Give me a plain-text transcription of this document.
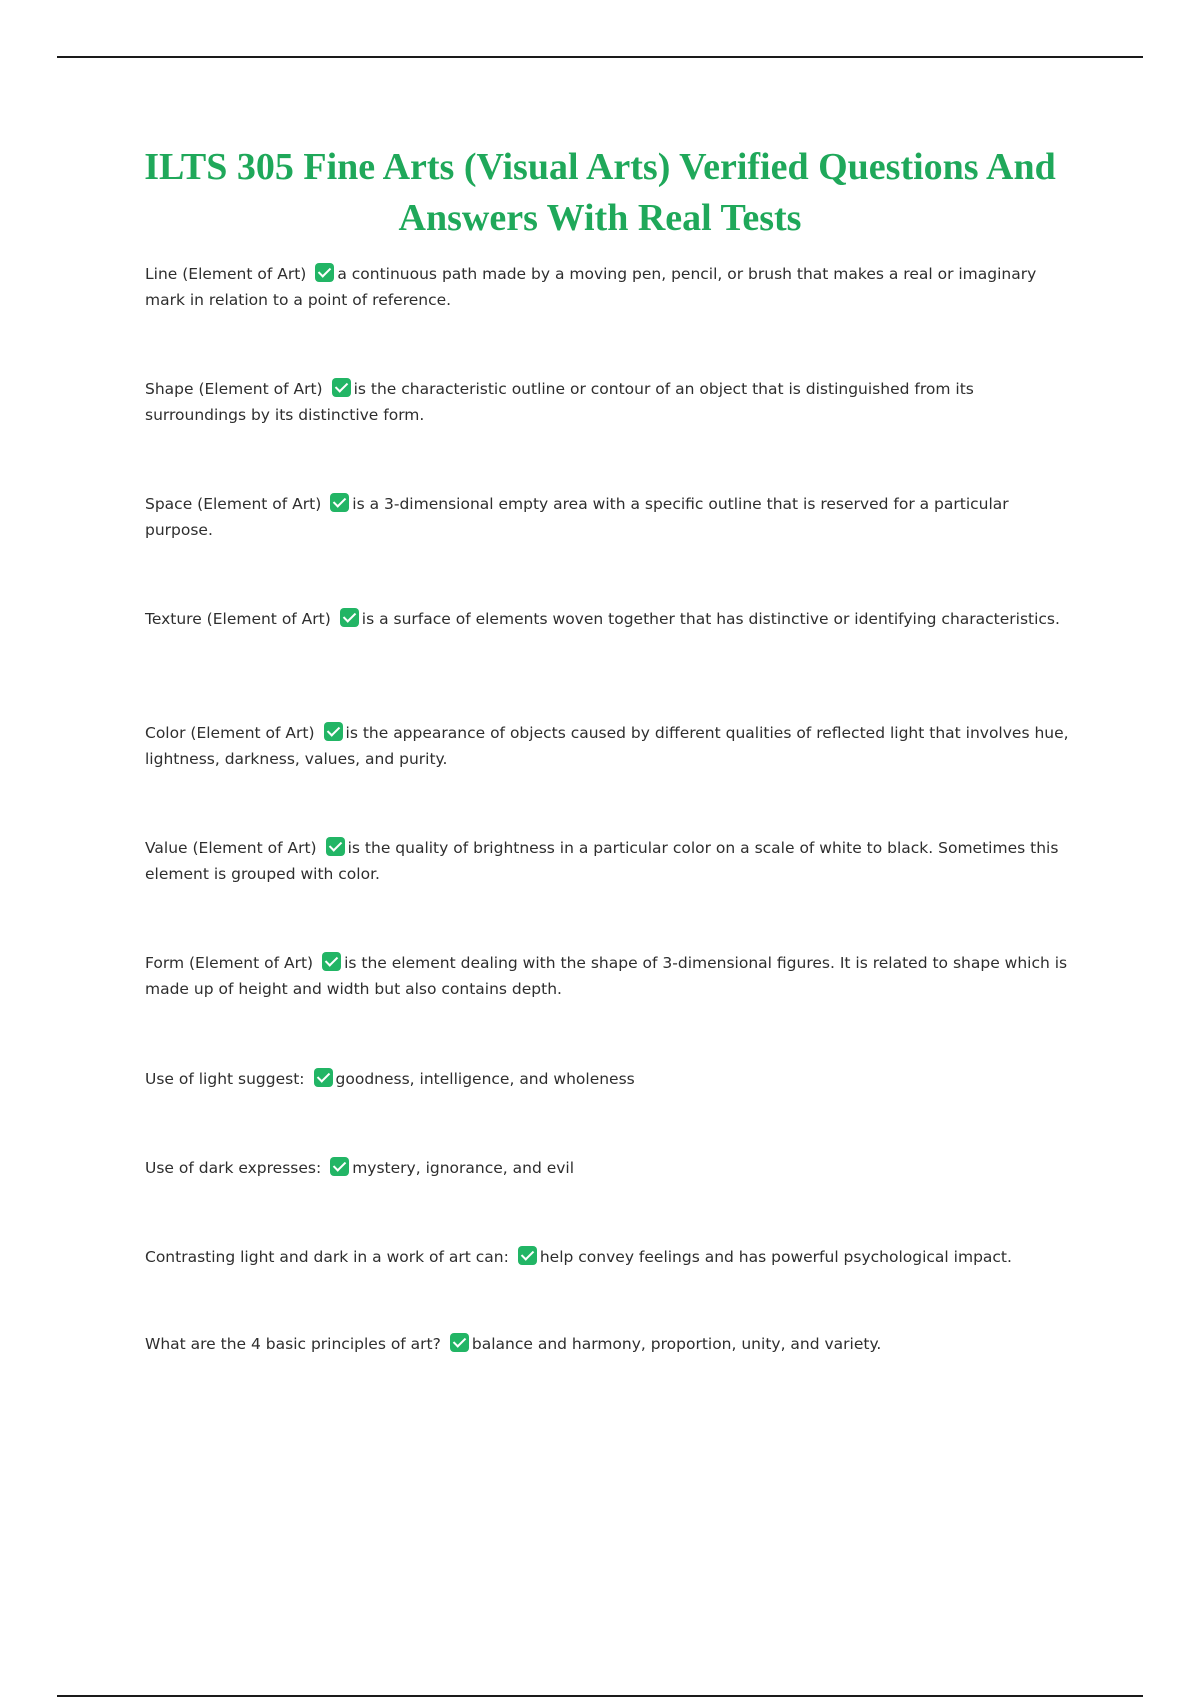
ILTS 305 Fine Arts (Visual Arts) Verified Questions And Answers With Real Tests

Line (Element of Art) a continuous path made by a moving pen, pencil, or brush that makes a real or imaginary mark in relation to a point of reference.

Shape (Element of Art) is the characteristic outline or contour of an object that is distinguished from its surroundings by its distinctive form.

Space (Element of Art) is a 3-dimensional empty area with a specific outline that is reserved for a particular purpose.

Texture (Element of Art) is a surface of elements woven together that has distinctive or identifying characteristics.

Color (Element of Art) is the appearance of objects caused by different qualities of reflected light that involves hue, lightness, darkness, values, and purity.

Value (Element of Art) is the quality of brightness in a particular color on a scale of white to black. Sometimes this element is grouped with color.

Form (Element of Art) is the element dealing with the shape of 3-dimensional figures. It is related to shape which is made up of height and width but also contains depth.

Use of light suggest: goodness, intelligence, and wholeness

Use of dark expresses: mystery, ignorance, and evil

Contrasting light and dark in a work of art can: help convey feelings and has powerful psychological impact.

What are the 4 basic principles of art? balance and harmony, proportion, unity, and variety.
